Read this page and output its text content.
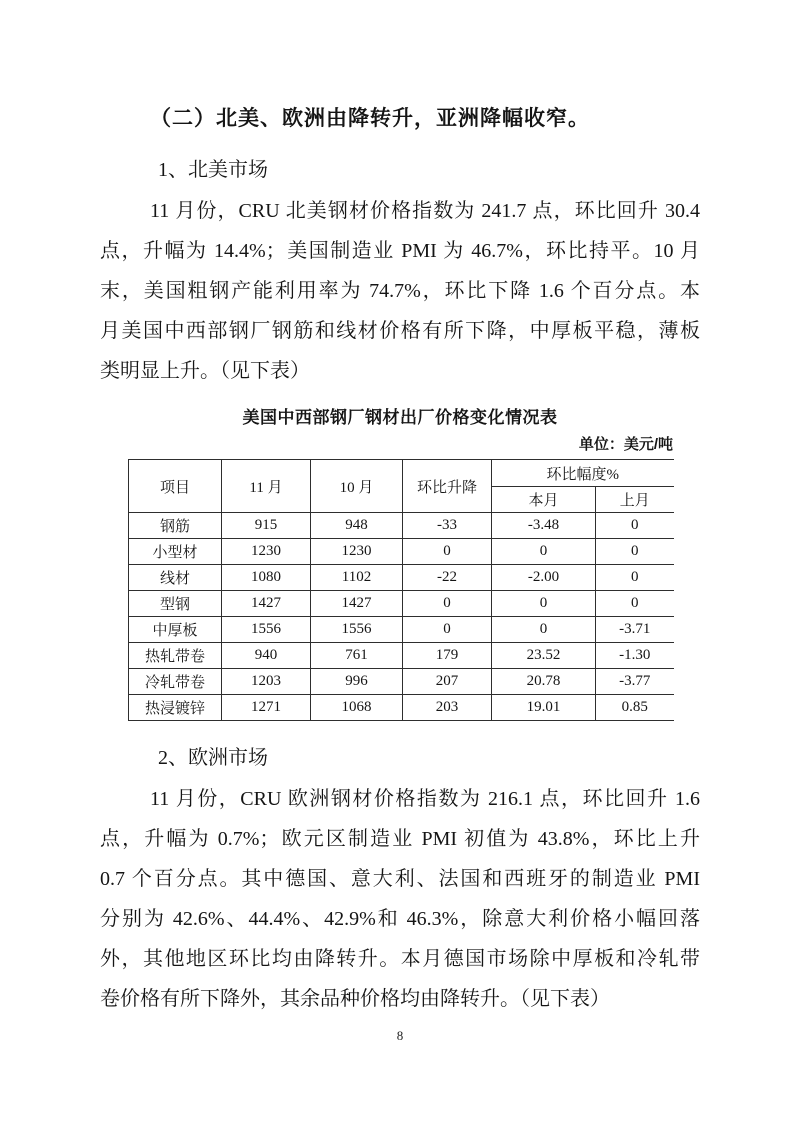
（二）北美、欧洲由降转升，亚洲降幅收窄。
1、北美市场
11 月份，CRU 北美钢材价格指数为 241.7 点，环比回升 30.4
点，升幅为 14.4%；美国制造业 PMI 为 46.7%，环比持平。10 月
末，美国粗钢产能利用率为 74.7%，环比下降 1.6 个百分点。本
月美国中西部钢厂钢筋和线材价格有所下降，中厚板平稳，薄板
类明显上升。（见下表）
美国中西部钢厂钢材出厂价格变化情况表
单位：美元/吨
项目	11 月	10 月	环比升降	环比幅度%	
				本月	上月
钢筋	915	948	-33	-3.48	0
小型材	1230	1230	0	0	0
线材	1080	1102	-22	-2.00	0
型钢	1427	1427	0	0	0
中厚板	1556	1556	0	0	-3.71
热轧带卷	940	761	179	23.52	-1.30
冷轧带卷	1203	996	207	20.78	-3.77
热浸镀锌	1271	1068	203	19.01	0.85
2、欧洲市场
11 月份，CRU 欧洲钢材价格指数为 216.1 点，环比回升 1.6
点，升幅为 0.7%；欧元区制造业 PMI 初值为 43.8%，环比上升
0.7 个百分点。其中德国、意大利、法国和西班牙的制造业 PMI
分别为 42.6%、44.4%、42.9%和 46.3%，除意大利价格小幅回落
外，其他地区环比均由降转升。本月德国市场除中厚板和冷轧带
卷价格有所下降外，其余品种价格均由降转升。（见下表）
8
